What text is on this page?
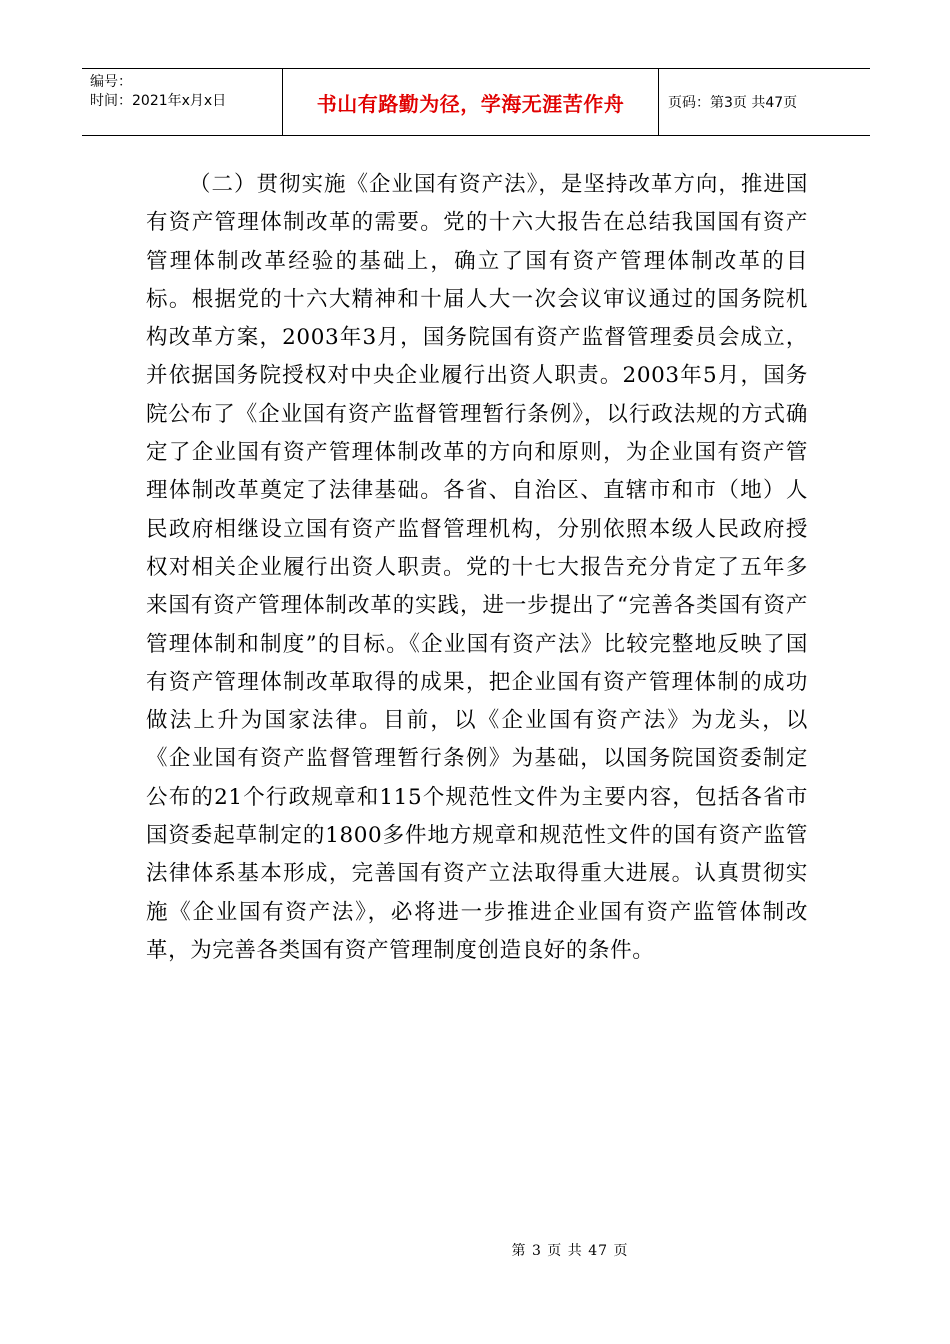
编号：
时间：2021年x月x日	书山有路勤为径，学海无涯苦作舟	页码：第3页 共47页
（二）贯彻实施《企业国有资产法》，是坚持改革方向，推进国有资产管理体制改革的需要。党的十六大报告在总结我国国有资产管理体制改革经验的基础上，确立了国有资产管理体制改革的目标。根据党的十六大精神和十届人大一次会议审议通过的国务院机构改革方案，2003年3月，国务院国有资产监督管理委员会成立，并依据国务院授权对中央企业履行出资人职责。2003年5月，国务院公布了《企业国有资产监督管理暂行条例》，以行政法规的方式确定了企业国有资产管理体制改革的方向和原则，为企业国有资产管理体制改革奠定了法律基础。各省、自治区、直辖市和市（地）人民政府相继设立国有资产监督管理机构，分别依照本级人民政府授权对相关企业履行出资人职责。党的十七大报告充分肯定了五年多来国有资产管理体制改革的实践，进一步提出了“完善各类国有资产管理体制和制度”的目标。《企业国有资产法》比较完整地反映了国有资产管理体制改革取得的成果，把企业国有资产管理体制的成功做法上升为国家法律。目前，以《企业国有资产法》为龙头，以《企业国有资产监督管理暂行条例》为基础，以国务院国资委制定公布的21个行政规章和115个规范性文件为主要内容，包括各省市国资委起草制定的1800多件地方规章和规范性文件的国有资产监管法律体系基本形成，完善国有资产立法取得重大进展。认真贯彻实施《企业国有资产法》，必将进一步推进企业国有资产监管体制改革，为完善各类国有资产管理制度创造良好的条件。
第 3 页 共 47 页
